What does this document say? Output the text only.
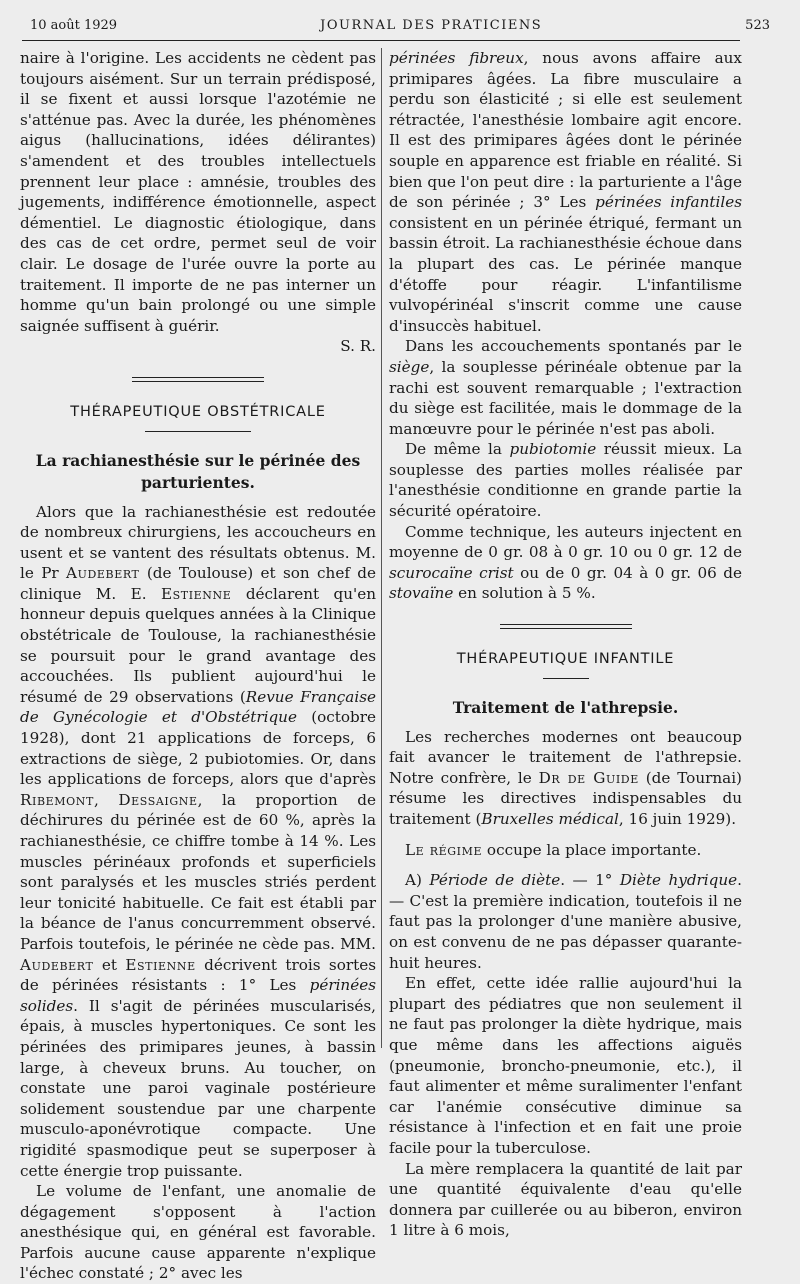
10 août 1929	JOURNAL DES PRATICIENS	523

naire à l'origine. Les accidents ne cèdent pas toujours aisément. Sur un terrain prédisposé, il se fixent et aussi lorsque l'azotémie ne s'atténue pas. Avec la durée, les phénomènes aigus (hallucinations, idées délirantes) s'amendent et des troubles intellectuels prennent leur place : amnésie, troubles des jugements, indifférence émotionnelle, aspect démentiel. Le diagnostic étiologique, dans des cas de cet ordre, permet seul de voir clair. Le dosage de l'urée ouvre la porte au traitement. Il importe de ne pas interner un homme qu'un bain prolongé ou une simple saignée suffisent à guérir.

S. R.

THÉRAPEUTIQUE OBSTÉTRICALE
La rachianesthésie sur le périnée des parturientes.

Alors que la rachianesthésie est redoutée de nombreux chirurgiens, les accoucheurs en usent et se vantent des résultats obtenus. M. le Pr Audebert (de Toulouse) et son chef de clinique M. E. Estienne déclarent qu'en honneur depuis quelques années à la Clinique obstétricale de Toulouse, la rachianesthésie se poursuit pour le grand avantage des accouchées. Ils publient aujourd'hui le résumé de 29 observations (Revue Française de Gynécologie et d'Obstétrique (octobre 1928), dont 21 applications de forceps, 6 extractions de siège, 2 pubiotomies. Or, dans les applications de forceps, alors que d'après Ribemont, Dessaigne, la proportion de déchirures du périnée est de 60 %, après la rachianesthésie, ce chiffre tombe à 14 %. Les muscles périnéaux profonds et superficiels sont paralysés et les muscles striés perdent leur tonicité habituelle. Ce fait est établi par la béance de l'anus concurremment observé. Parfois toutefois, le périnée ne cède pas. MM. Audebert et Estienne décrivent trois sortes de périnées résistants : 1° Les périnées solides. Il s'agit de périnées muscularisés, épais, à muscles hypertoniques. Ce sont les périnées des primipares jeunes, à bassin large, à cheveux bruns. Au toucher, on constate une paroi vaginale postérieure solidement soustendue par une charpente musculo-aponévrotique compacte. Une rigidité spasmodique peut se superposer à cette énergie trop puissante.

Le volume de l'enfant, une anomalie de dégagement s'opposent à l'action anesthésique qui, en général est favorable. Parfois aucune cause apparente n'explique l'échec constaté ; 2° avec les

périnées fibreux, nous avons affaire aux primipares âgées. La fibre musculaire a perdu son élasticité ; si elle est seulement rétractée, l'anesthésie lombaire agit encore. Il est des primipares âgées dont le périnée souple en apparence est friable en réalité. Si bien que l'on peut dire : la parturiente a l'âge de son périnée ; 3° Les périnées infantiles consistent en un périnée étriqué, fermant un bassin étroit. La rachianesthésie échoue dans la plupart des cas. Le périnée manque d'étoffe pour réagir. L'infantilisme vulvopérinéal s'inscrit comme une cause d'insuccès habituel.

Dans les accouchements spontanés par le siège, la souplesse périnéale obtenue par la rachi est souvent remarquable ; l'extraction du siège est facilitée, mais le dommage de la manœuvre pour le périnée n'est pas aboli.

De même la pubiotomie réussit mieux. La souplesse des parties molles réalisée par l'anesthésie conditionne en grande partie la sécurité opératoire.

Comme technique, les auteurs injectent en moyenne de 0 gr. 08 à 0 gr. 10 ou 0 gr. 12 de scurocaïne crist ou de 0 gr. 04 à 0 gr. 06 de stovaïne en solution à 5 %.

THÉRAPEUTIQUE INFANTILE
Traitement de l'athrepsie.

Les recherches modernes ont beaucoup fait avancer le traitement de l'athrepsie. Notre confrère, le Dr de Guide (de Tournai) résume les directives indispensables du traitement (Bruxelles médical, 16 juin 1929).

Le régime occupe la place importante.

A) Période de diète. — 1° Diète hydrique. — C'est la première indication, toutefois il ne faut pas la prolonger d'une manière abusive, on est convenu de ne pas dépasser quarante-huit heures.

En effet, cette idée rallie aujourd'hui la plupart des pédiatres que non seulement il ne faut pas prolonger la diète hydrique, mais que même dans les affections aiguës (pneumonie, broncho-pneumonie, etc.), il faut alimenter et même suralimenter l'enfant car l'anémie consécutive diminue sa résistance à l'infection et en fait une proie facile pour la tuberculose.

La mère remplacera la quantité de lait par une quantité équivalente d'eau qu'elle donnera par cuillerée ou au biberon, environ 1 litre à 6 mois,
